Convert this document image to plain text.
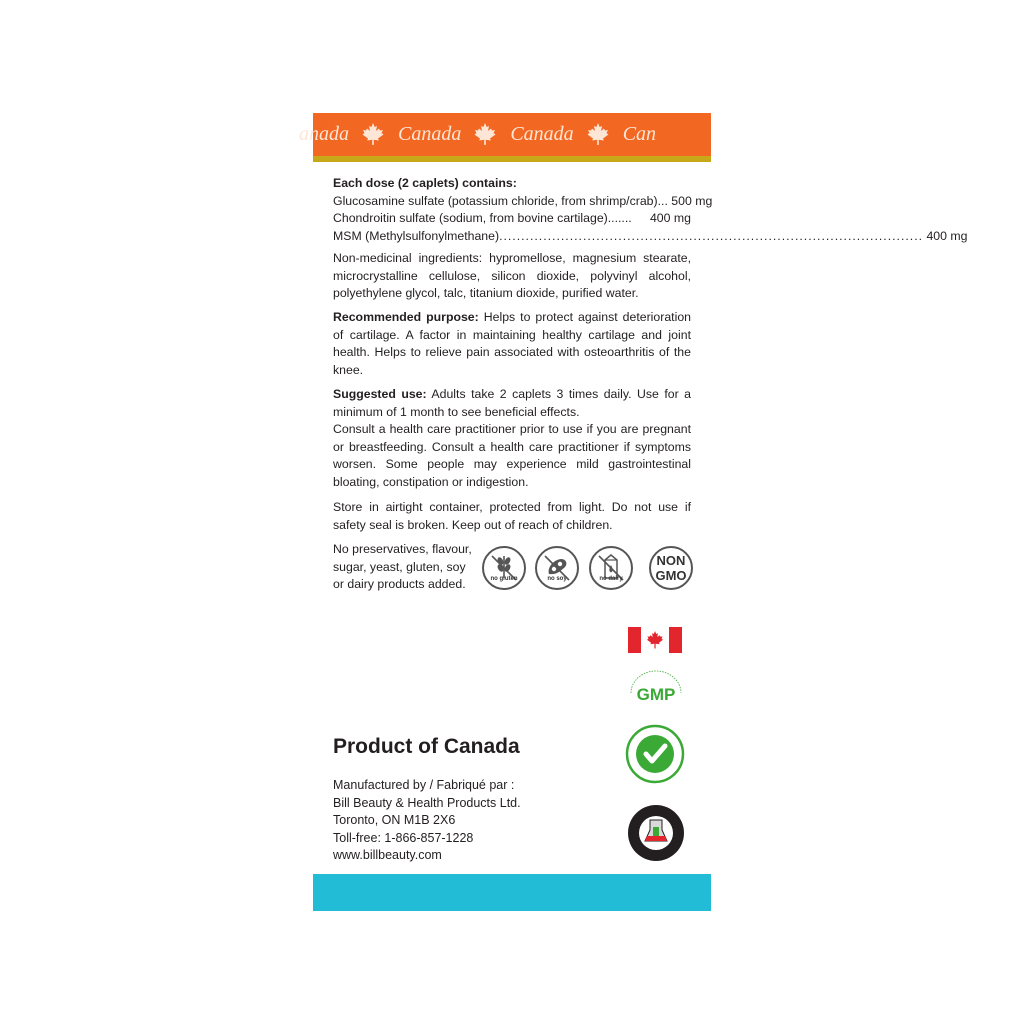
anada Canada Canada Can
Each dose (2 caplets) contains:
Glucosamine sulfate (potassium chloride, from shrimp/crab) ...
500 mg
Chondroitin sulfate (sodium, from bovine cartilage) .......
400 mg
MSM (Methylsulfonylmethane)
.....
	400 mg
Non-medicinal ingredients: hypromellose, magnesium stearate, microcrystalline cellulose, silicon dioxide, polyvinyl alcohol, polyethylene glycol, talc, titanium dioxide, purified water.
Recommended purpose: Helps to protect against deterioration of cartilage. A factor in maintaining healthy cartilage and joint health. Helps to relieve pain associated with osteoarthritis of the knee.
Suggested use: Adults take 2 caplets 3 times daily. Use for a minimum of 1 month to see beneficial effects.
Consult a health care practitioner prior to use if you are pregnant or breastfeeding. Consult a health care practitioner if symptoms worsen. Some people may experience mild gastrointestinal bloating, constipation or indigestion.
Store in airtight container, protected from light. Do not use if safety seal is broken. Keep out of reach of children.
No preservatives, flavour, sugar, yeast, gluten, soy or dairy products added.	no gluten	no soy	no dairy
NON
GMO
GMP
Product of Canada
Manufactured by / Fabriqué par :
Bill Beauty & Health Products Ltd.
Toronto, ON M1B 2X6
Toll-free: 1-866-857-1228
www.billbeauty.com
